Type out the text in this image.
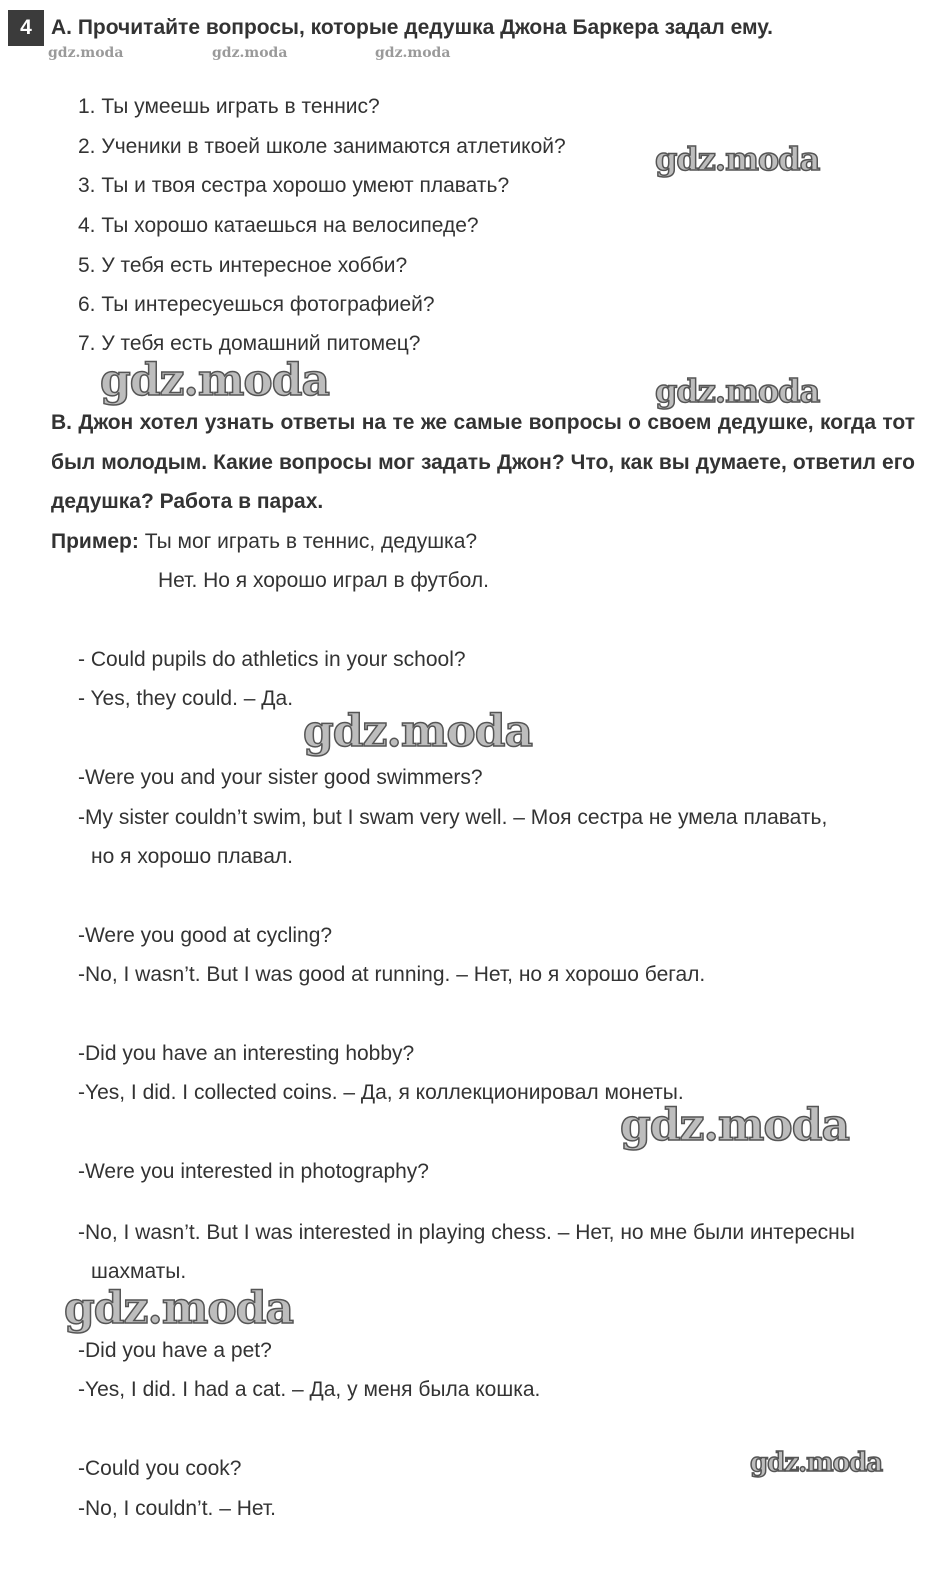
4 A. Прочитайте вопросы, которые дедушка Джона Баркера задал ему.
gdz.moda	gdz.moda	gdz.moda
1. Ты умеешь играть в теннис?
2. Ученики в твоей школе занимаются атлетикой?
3. Ты и твоя сестра хорошо умеют плавать?
4. Ты хорошо катаешься на велосипеде?
5. У тебя есть интересное хобби?
6. Ты интересуешься фотографией?
7. У тебя есть домашний питомец?
gdz.moda
gdz.moda	gdz.moda
B. Джон хотел узнать ответы на те же самые вопросы о своем дедушке, когда тот был молодым. Какие вопросы мог задать Джон? Что, как вы думаете, ответил его дедушка? Работа в парах.
Пример: Ты мог играть в теннис, дедушка?
Нет. Но я хорошо играл в футбол.
- Could pupils do athletics in your school?
- Yes, they could. – Да.
-Were you and your sister good swimmers?
-My sister couldn’t swim, but I swam very well. – Моя сестра не умела плавать,
но я хорошо плавал.
-Were you good at cycling?
-No, I wasn’t. But I was good at running. – Нет, но я хорошо бегал.
-Did you have an interesting hobby?
-Yes, I did. I collected coins. – Да, я коллекционировал монеты.
-Were you interested in photography?
-No, I wasn’t. But I was interested in playing chess. – Нет, но мне были интересны
шахматы.
-Did you have a pet?
-Yes, I did. I had a cat. – Да, у меня была кошка.
-Could you cook?
-No, I couldn’t. – Нет.
gdz.moda
gdz.moda
gdz.moda
gdz.moda
